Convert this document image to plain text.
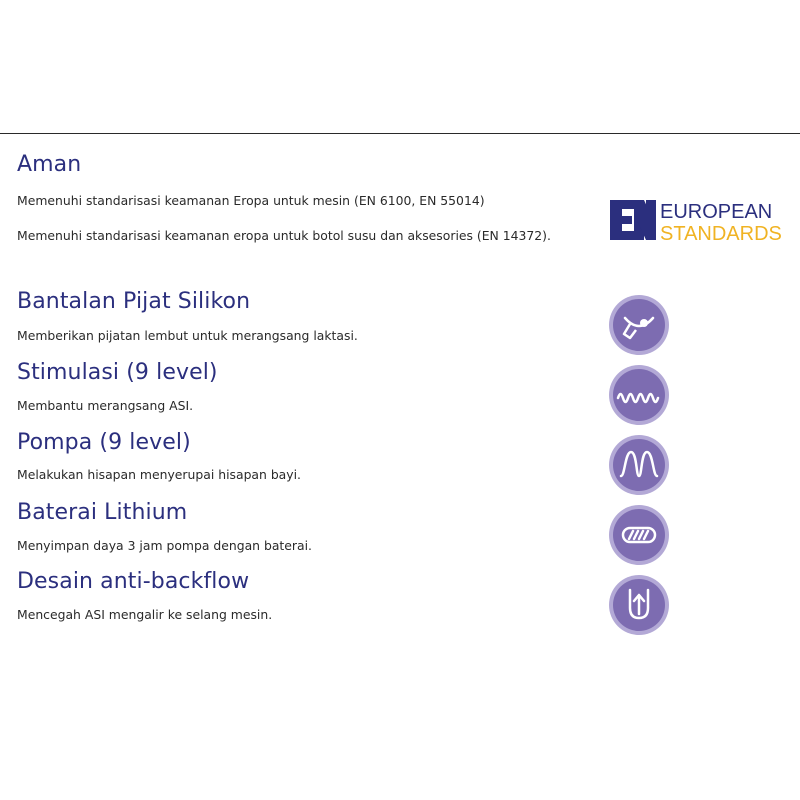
Aman

Memenuhi standarisasi keamanan Eropa untuk mesin (EN 6100, EN 55014)

Memenuhi standarisasi keamanan eropa untuk botol susu dan aksesories (EN 14372).

EUROPEAN
STANDARDS
Bantalan Pijat Silikon

Memberikan pijatan lembut untuk merangsang laktasi.

Stimulasi (9 level)

Membantu merangsang ASI.

Pompa (9 level)

Melakukan hisapan menyerupai hisapan bayi.

Baterai Lithium

Menyimpan daya 3 jam pompa dengan baterai.

Desain anti-backflow

Mencegah ASI mengalir ke selang mesin.
